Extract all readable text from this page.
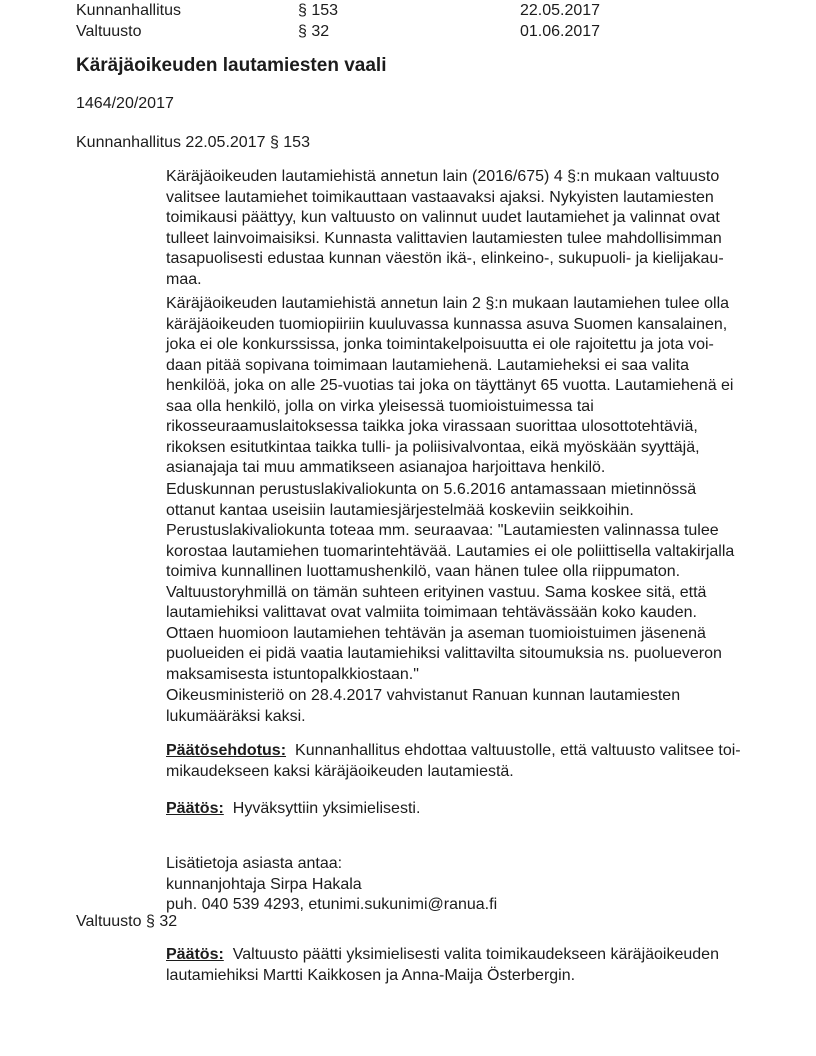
Kunnanhallitus	§ 153	22.05.2017
Valtuusto	§ 32	01.06.2017
Käräjäoikeuden lautamiesten vaali
1464/20/2017
Kunnanhallitus 22.05.2017 § 153
Käräjäoikeuden lautamiehistä annetun lain (2016/675) 4 §:n mukaan valtuusto
valitsee lautamiehet toimikauttaan vastaavaksi ajaksi. Nykyisten lautamiesten
toimikausi päättyy, kun valtuusto on valinnut uudet lautamiehet ja valinnat ovat
tulleet lainvoimaisiksi. Kunnasta valittavien lautamiesten tulee mahdollisimman
tasapuolisesti edustaa kunnan väestön ikä-, elinkeino-, sukupuoli- ja kielijakau-
maa.
Käräjäoikeuden lautamiehistä annetun lain 2 §:n mukaan lautamiehen tulee olla
käräjäoikeuden tuomiopiiriin kuuluvassa kunnassa asuva Suomen kansalainen,
joka ei ole konkurssissa, jonka toimintakelpoisuutta ei ole rajoitettu ja jota voi-
daan pitää sopivana toimimaan lautamiehenä. Lautamieheksi ei saa valita
henkilöä, joka on alle 25-vuotias tai joka on täyttänyt 65 vuotta. Lautamiehenä ei
saa olla henkilö, jolla on virka yleisessä tuomioistuimessa tai
rikosseuraamuslaitoksessa taikka joka virassaan suorittaa ulosottotehtäviä,
rikoksen esitutkintaa taikka tulli- ja poliisivalvontaa, eikä myöskään syyttäjä,
asianajaja tai muu ammatikseen asianajoa harjoittava henkilö.
Eduskunnan perustuslakivaliokunta on 5.6.2016 antamassaan mietinnössä
ottanut kantaa useisiin lautamiesjärjestelmää koskeviin seikkoihin.
Perustuslakivaliokunta toteaa mm. seuraavaa: "Lautamiesten valinnassa tulee
korostaa lautamiehen tuomarintehtävää. Lautamies ei ole poliittisella valtakirjalla
toimiva kunnallinen luottamushenkilö, vaan hänen tulee olla riippumaton.
Valtuustoryhmillä on tämän suhteen erityinen vastuu. Sama koskee sitä, että
lautamiehiksi valittavat ovat valmiita toimimaan tehtävässään koko kauden.
Ottaen huomioon lautamiehen tehtävän ja aseman tuomioistuimen jäsenenä
puolueiden ei pidä vaatia lautamiehiksi valittavilta sitoumuksia ns. puolueveron
maksamisesta istuntopalkkiostaan."
Oikeusministeriö on 28.4.2017 vahvistanut Ranuan kunnan lautamiesten
lukumääräksi kaksi.
Päätösehdotus: Kunnanhallitus ehdottaa valtuustolle, että valtuusto valitsee toi-
mikaudekseen kaksi käräjäoikeuden lautamiestä.
Päätös: Hyväksyttiin yksimielisesti.
Lisätietoja asiasta antaa:
kunnanjohtaja Sirpa Hakala
puh. 040 539 4293, etunimi.sukunimi@ranua.fi
Valtuusto § 32
Päätös: Valtuusto päätti yksimielisesti valita toimikaudekseen käräjäoikeuden
lautamiehiksi Martti Kaikkosen ja Anna-Maija Österbergin.
